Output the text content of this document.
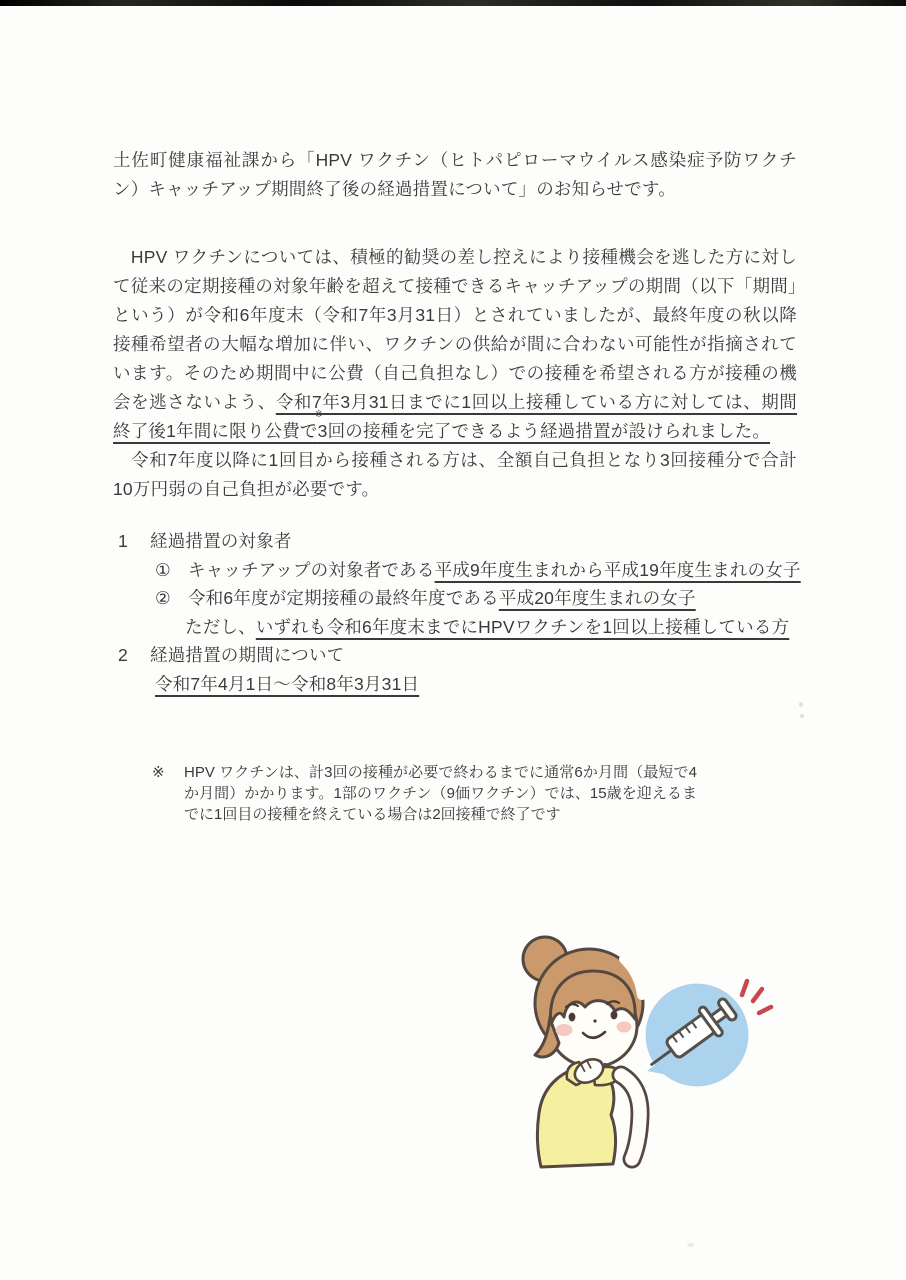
土佐町健康福祉課から「HPV ワクチン（ヒトパピローマウイルス感染症予防ワクチン）キャッチアップ期間終了後の経過措置について」のお知らせです。

　HPV ワクチンについては、積極的勧奨の差し控えにより接種機会を逃した方に対して従来の定期接種の対象年齢を超えて接種できるキャッチアップの期間（以下「期間」という）が令和6年度末（令和7年3月31日）とされていましたが、最終年度の秋以降接種希望者の大幅な増加に伴い、ワクチンの供給が間に合わない可能性が指摘されています。そのため期間中に公費（自己負担なし）での接種を希望される方が接種の機会を逃さないよう、令和7年3月31日までに1回以上接種している方に対しては、期間終了後1年間に限り公費で
※
3回の接種を完了できるよう経過措置が設けられました。

　令和7年度以降に1回目から接種される方は、全額自己負担となり3回接種分で合計10万円弱の自己負担が必要です。

1 経過措置の対象者
① キャッチアップの対象者である平成9年度生まれから平成19年度生まれの女子
② 令和6年度が定期接種の最終年度である平成20年度生まれの女子
ただし、いずれも令和6年度末までにHPVワクチンを1回以上接種している方
2 経過措置の期間について
令和7年4月1日～令和8年3月31日
※	HPV ワクチンは、計3回の接種が必要で終わるまでに通常6か月間（最短で4か月間）かかります。1部のワクチン（9価ワクチン）では、15歳を迎えるまでに1回目の接種を終えている場合は2回接種で終了です
